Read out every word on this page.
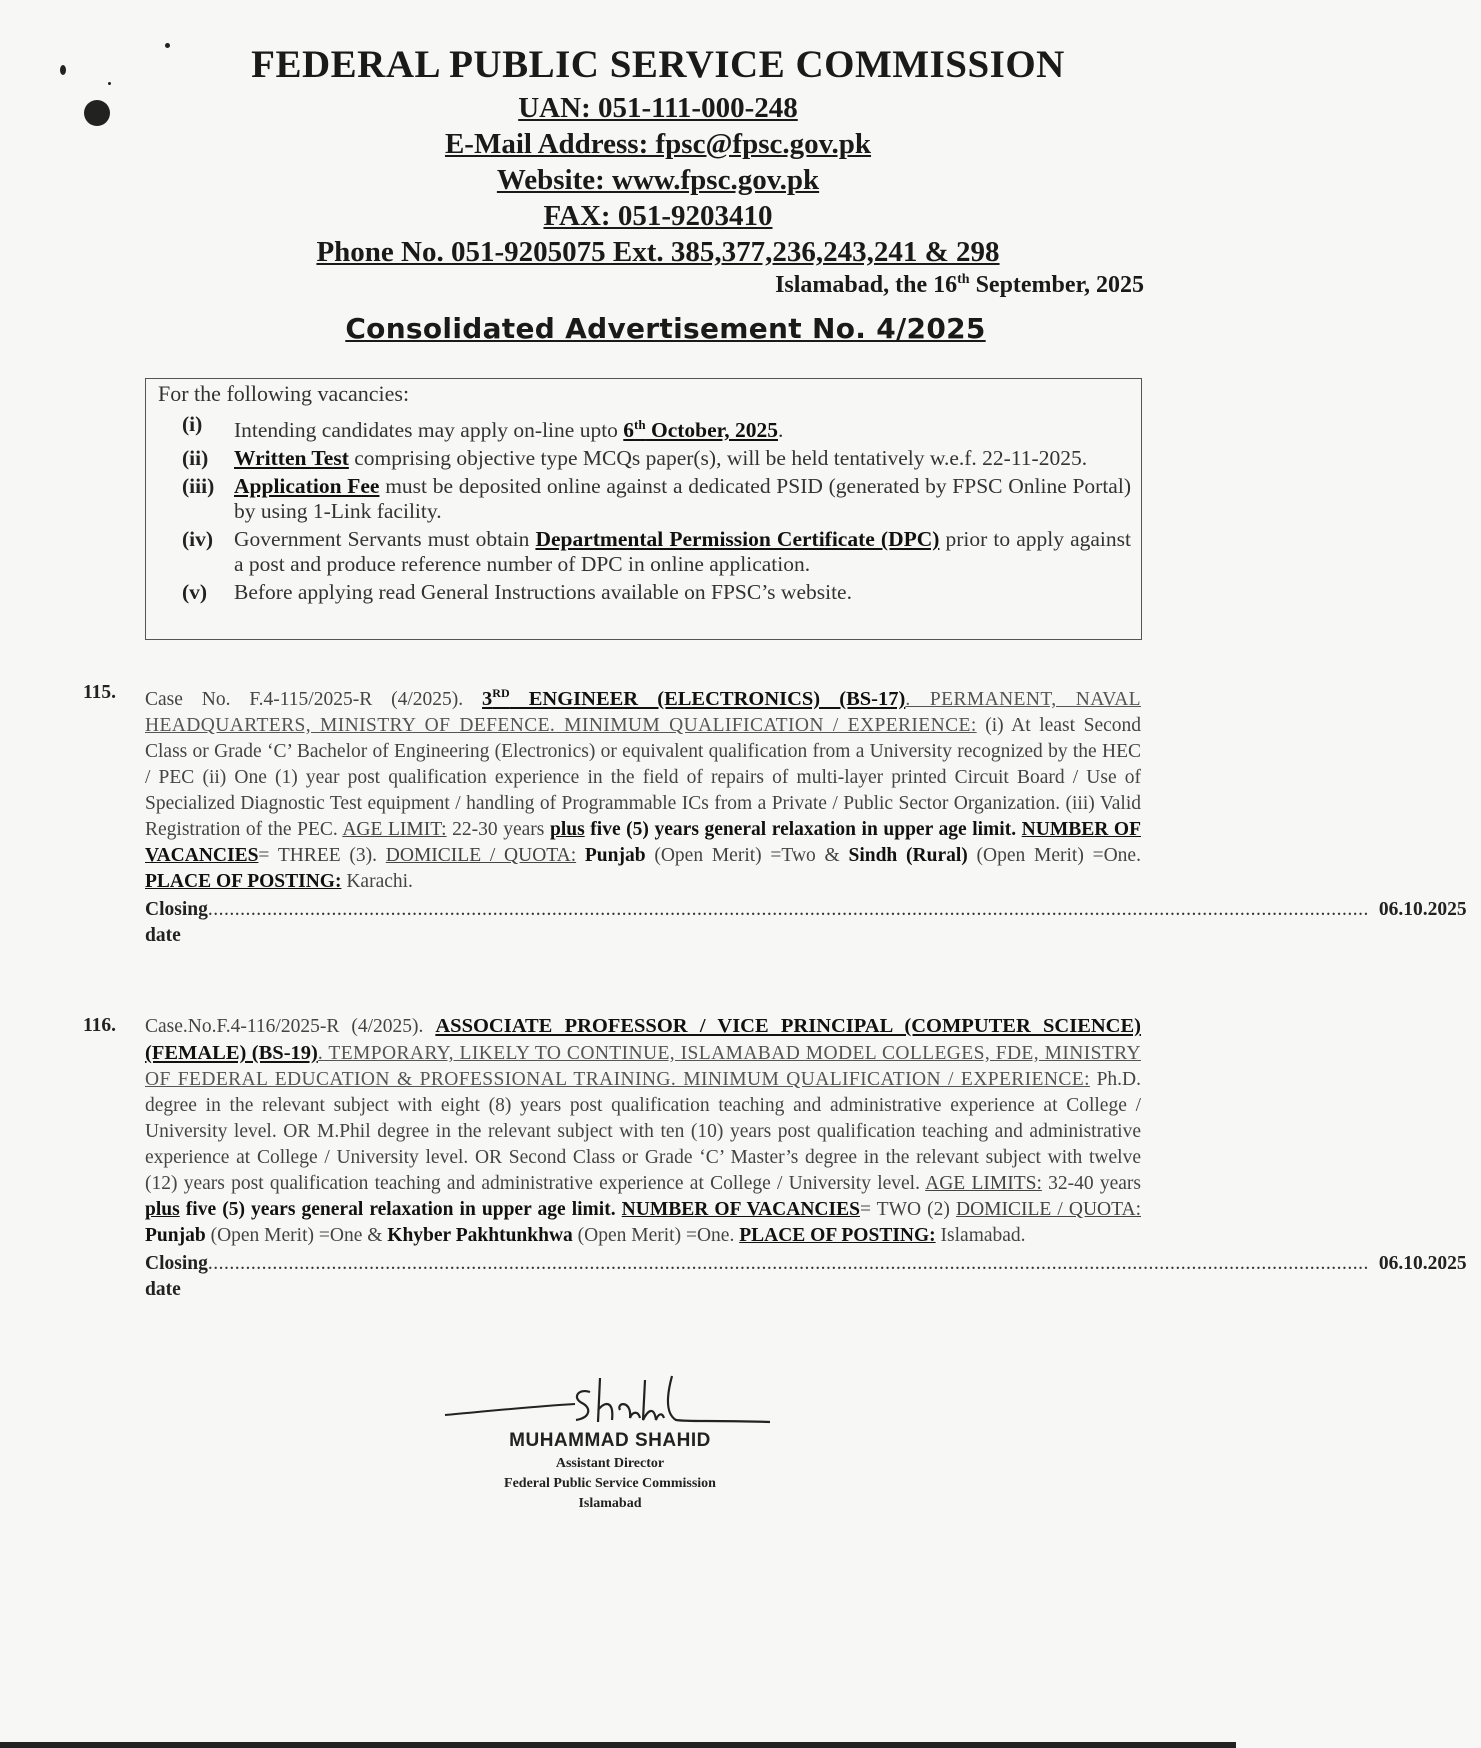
FEDERAL PUBLIC SERVICE COMMISSION
UAN: 051-111-000-248
E-Mail Address: fpsc@fpsc.gov.pk
Website: www.fpsc.gov.pk
FAX: 051-9203410
Phone No. 051-9205075 Ext. 385,377,236,243,241 & 298
Islamabad, the 16th September, 2025
Consolidated Advertisement No. 4/2025
For the following vacancies:
(i)	Intending candidates may apply on-line upto 6th October, 2025.
(ii)	Written Test comprising objective type MCQs paper(s), will be held tentatively w.e.f. 22-11-2025.
(iii) Application Fee must be deposited online against a dedicated PSID (generated by FPSC Online Portal) by using 1-Link facility.
(iv) Government Servants must obtain Departmental Permission Certificate (DPC) prior to apply against a post and produce reference number of DPC in online application.
(v)	Before applying read General Instructions available on FPSC’s website.
115. Case No. F.4-115/2025-R (4/2025). 3RD ENGINEER (ELECTRONICS) (BS-17). PERMANENT, NAVAL HEADQUARTERS, MINISTRY OF DEFENCE. MINIMUM QUALIFICATION / EXPERIENCE: (i) At least Second Class or Grade ‘C’ Bachelor of Engineering (Electronics) or equivalent qualification from a University recognized by the HEC / PEC (ii) One (1) year post qualification experience in the field of repairs of multi-layer printed Circuit Board / Use of Specialized Diagnostic Test equipment / handling of Programmable ICs from a Private / Public Sector Organization. (iii) Valid Registration of the PEC. AGE LIMIT: 22-30 years plus five (5) years general relaxation in upper age limit. NUMBER OF VACANCIES= THREE (3). DOMICILE / QUOTA: Punjab (Open Merit) =Two & Sindh (Rural) (Open Merit) =One. PLACE OF POSTING: Karachi.
Closing date
........................................................................................................................................................................................................................ 06.10.2025
116. Case.No.F.4-116/2025-R (4/2025). ASSOCIATE PROFESSOR / VICE PRINCIPAL (COMPUTER SCIENCE) (FEMALE) (BS-19). TEMPORARY, LIKELY TO CONTINUE, ISLAMABAD MODEL COLLEGES, FDE, MINISTRY OF FEDERAL EDUCATION & PROFESSIONAL TRAINING. MINIMUM QUALIFICATION / EXPERIENCE: Ph.D. degree in the relevant subject with eight (8) years post qualification teaching and administrative experience at College / University level. OR M.Phil degree in the relevant subject with ten (10) years post qualification teaching and administrative experience at College / University level. OR Second Class or Grade ‘C’ Master’s degree in the relevant subject with twelve (12) years post qualification teaching and administrative experience at College / University level. AGE LIMITS: 32-40 years plus five (5) years general relaxation in upper age limit. NUMBER OF VACANCIES= TWO (2) DOMICILE / QUOTA: Punjab (Open Merit) =One & Khyber Pakhtunkhwa (Open Merit) =One. PLACE OF POSTING: Islamabad.
Closing date
........................................................................................................................................................................................................................ 06.10.2025
MUHAMMAD SHAHID
Assistant Director
Federal Public Service Commission
Islamabad
